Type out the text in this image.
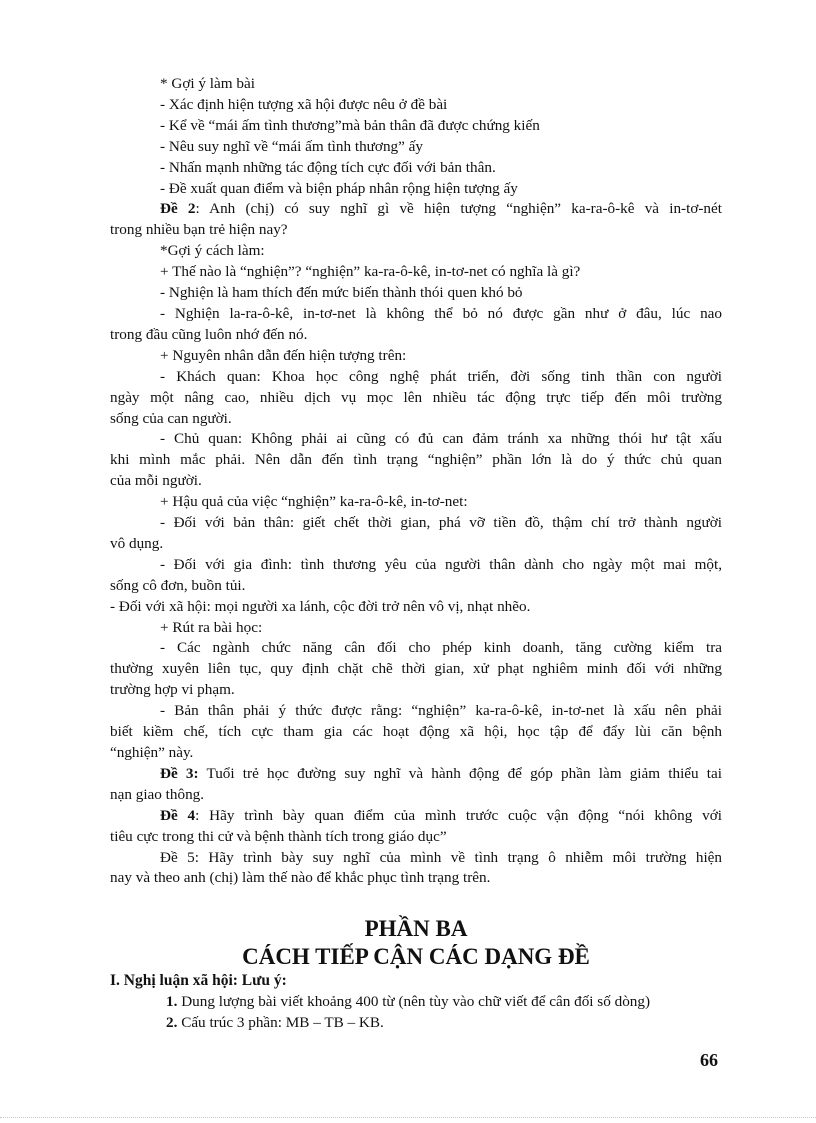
* Gợi ý làm bài
- Xác định hiện tượng xã hội được nêu ở đề bài
- Kể về “mái ấm tình thương”mà bản thân đã được chứng kiến
- Nêu suy nghĩ về “mái ấm tình thương” ấy
- Nhấn mạnh những tác động tích cực đối với bản thân.
- Đề xuất quan điểm và biện pháp nhân rộng hiện tượng ấy
Đề 2: Anh (chị) có suy nghĩ gì về hiện tượng “nghiện” ka-ra-ô-kê và in-tơ-nét
trong nhiều bạn trẻ hiện nay?
*Gợi ý cách làm:
+ Thế nào là “nghiện”? “nghiện” ka-ra-ô-kê, in-tơ-net có nghĩa là gì?
- Nghiện là ham thích đến mức biến thành thói quen khó bỏ
- Nghiện la-ra-ô-kê, in-tơ-net là không thể bỏ nó được gần như ở đâu, lúc nao
trong đầu cũng luôn nhớ đến nó.
+ Nguyên nhân dẫn đến hiện tượng trên:
- Khách quan: Khoa học công nghệ phát triển, đời sống tinh thần con người
ngày một nâng cao, nhiều dịch vụ mọc lên nhiều tác động trực tiếp đến môi trường
sống của can người.
- Chủ quan: Không phải ai cũng có đủ can đảm tránh xa những thói hư tật xấu
khi mình mắc phải. Nên dẫn đến tình trạng “nghiện” phần lớn là do ý thức chủ quan
của mỗi người.
+ Hậu quả của việc “nghiện” ka-ra-ô-kê, in-tơ-net:
- Đối với bản thân: giết chết thời gian, phá vỡ tiền đồ, thậm chí trở thành người
vô dụng.
- Đối với gia đình: tình thương yêu của người thân dành cho ngày một mai một,
sống cô đơn, buồn tủi.
- Đối với xã hội: mọi người xa lánh, cộc đời trở nên vô vị, nhạt nhẽo.
+ Rút ra bài học:
- Các ngành chức năng cân đối cho phép kinh doanh, tăng cường kiểm tra
thường xuyên liên tục, quy định chặt chẽ thời gian, xử phạt nghiêm minh đối với những
trường hợp vi phạm.
- Bản thân phải ý thức được rằng: “nghiện” ka-ra-ô-kê, in-tơ-net là xấu nên phải
biết kiềm chế, tích cực tham gia các hoạt động xã hội, học tập để đẩy lùi căn bệnh
“nghiện” này.
Đề 3: Tuổi trẻ học đường suy nghĩ và hành động để góp phần làm giảm thiểu tai
nạn giao thông.
Đề 4: Hãy trình bày quan điểm của mình trước cuộc vận động “nói không với
tiêu cực trong thi cử và bệnh thành tích trong giáo dục”
Đề 5: Hãy trình bày suy nghĩ của mình về tình trạng ô nhiễm môi trường hiện
nay và theo anh (chị) làm thế nào để khắc phục tình trạng trên.
PHẦN BA
CÁCH TIẾP CẬN CÁC DẠNG ĐỀ
I. Nghị luận xã hội: Lưu ý:
1. Dung lượng bài viết khoảng 400 từ (nên tùy vào chữ viết để cân đối số dòng)
2. Cấu trúc 3 phần: MB – TB – KB.
66
